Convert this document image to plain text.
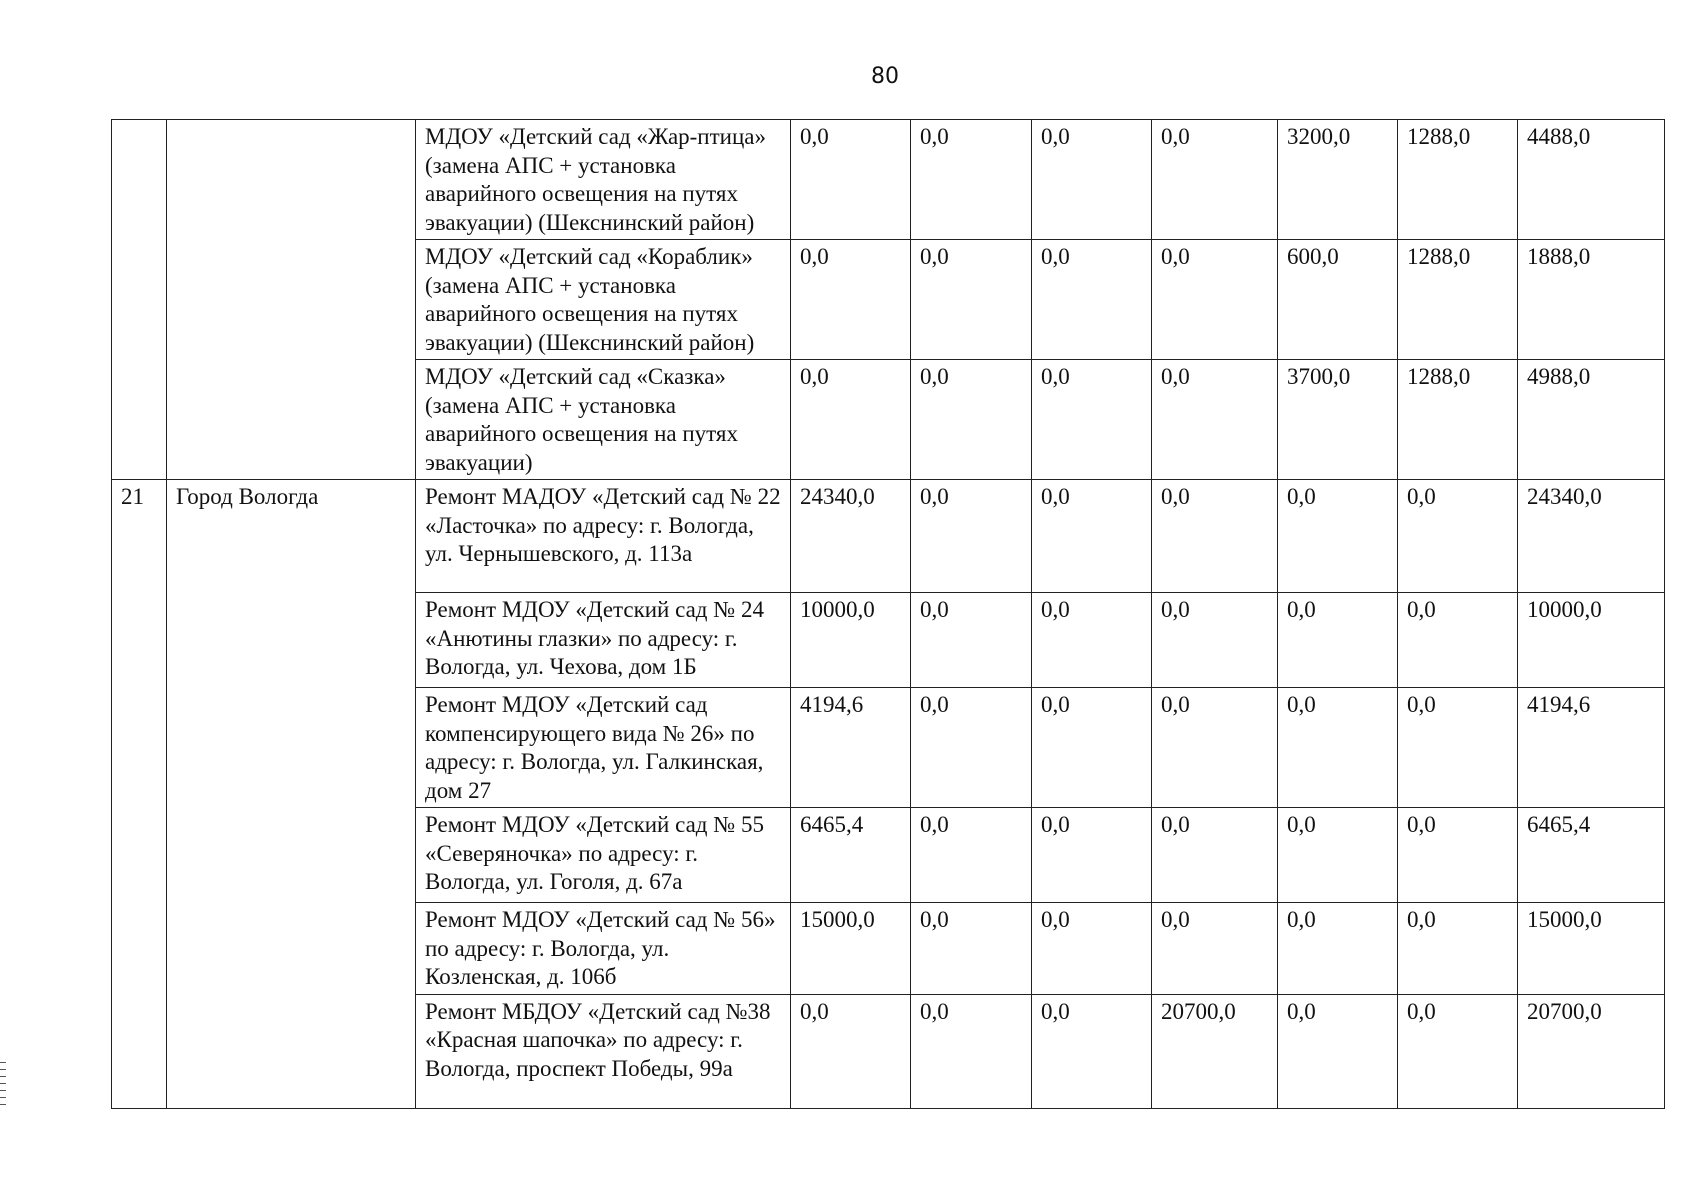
80
		МДОУ «Детский сад «Жар-птица» (замена АПС + установка аварийного освещения на путях эвакуации) (Шекснинский район)	0,0	0,0	0,0	0,0	3200,0	1288,0	4488,0
		МДОУ «Детский сад «Кораблик» (замена АПС + установка аварийного освещения на путях эвакуации) (Шекснинский район)	0,0	0,0	0,0	0,0	600,0	1288,0	1888,0
		МДОУ «Детский сад «Сказка» (замена АПС + установка аварийного освещения на путях эвакуации)	0,0	0,0	0,0	0,0	3700,0	1288,0	4988,0
21	Город Вологда	Ремонт МАДОУ «Детский сад № 22 «Ласточка» по адресу: г. Вологда, ул. Чернышевского, д. 113а	24340,0	0,0	0,0	0,0	0,0	0,0	24340,0
		Ремонт МДОУ «Детский сад № 24 «Анютины глазки» по адресу: г. Вологда, ул. Чехова, дом 1Б	10000,0	0,0	0,0	0,0	0,0	0,0	10000,0
		Ремонт МДОУ «Детский сад компенсирующего вида № 26» по адресу: г. Вологда, ул. Галкинская, дом 27	4194,6	0,0	0,0	0,0	0,0	0,0	4194,6
		Ремонт МДОУ «Детский сад № 55 «Северяночка» по адресу: г. Вологда, ул. Гоголя, д. 67а	6465,4	0,0	0,0	0,0	0,0	0,0	6465,4
		Ремонт МДОУ «Детский сад № 56» по адресу: г. Вологда, ул. Козленская, д. 106б	15000,0	0,0	0,0	0,0	0,0	0,0	15000,0
		Ремонт МБДОУ «Детский сад №38 «Красная шапочка» по адресу: г. Вологда, проспект Победы, 99а	0,0	0,0	0,0	20700,0	0,0	0,0	20700,0
